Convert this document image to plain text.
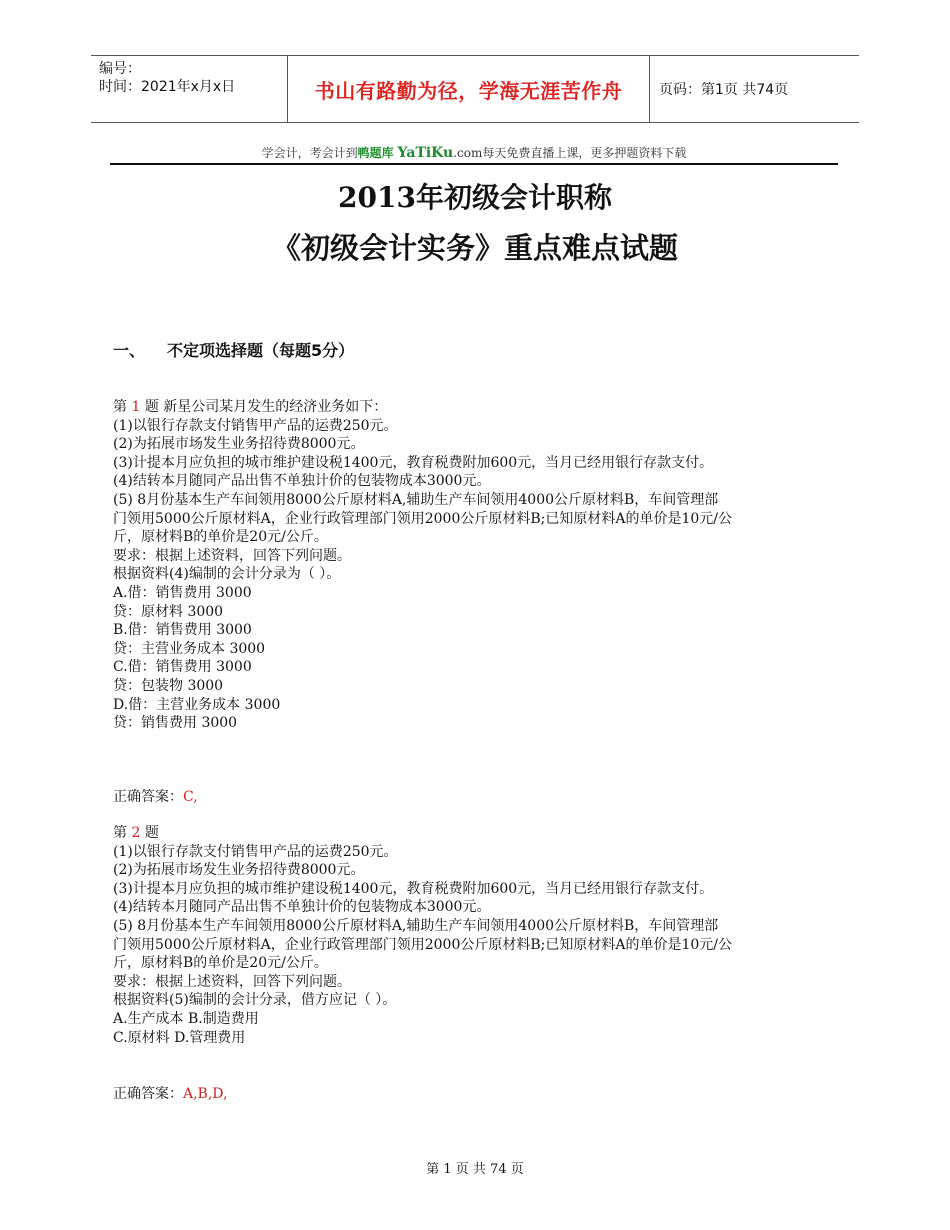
编号：
时间：2021年x月x日	书山有路勤为径，学海无涯苦作舟	页码：第1页 共74页
学会计，考会计到鸭题库 YaTiKu.com每天免费直播上课，更多押题资料下载
2013年初级会计职称
《初级会计实务》重点难点试题
一、 不定项选择题（每题5分）

第 1 题 新星公司某月发生的经济业务如下：

(1)以银行存款支付销售甲产品的运费250元。

(2)为拓展市场发生业务招待费8000元。

(3)计提本月应负担的城市维护建设税1400元，教育税费附加600元，当月已经用银行存款支付。

(4)结转本月随同产品出售不单独计价的包装物成本3000元。

(5) 8月份基本生产车间领用8000公斤原材料A,辅助生产车间领用4000公斤原材料B，车间管理部

门领用5000公斤原材料A，企业行政管理部门领用2000公斤原材料B;已知原材料A的单价是10元/公

斤，原材料B的单价是20元/公斤。

要求：根据上述资料，回答下列问题。

根据资料(4)编制的会计分录为（ ）。

A.借：销售费用 3000

贷：原材料 3000

B.借：销售费用 3000

贷：主营业务成本 3000

C.借：销售费用 3000

贷：包装物 3000

D.借：主营业务成本 3000

贷：销售费用 3000

正确答案：C,

第 2 题

(1)以银行存款支付销售甲产品的运费250元。

(2)为拓展市场发生业务招待费8000元。

(3)计提本月应负担的城市维护建设税1400元，教育税费附加600元，当月已经用银行存款支付。

(4)结转本月随同产品出售不单独计价的包装物成本3000元。

(5) 8月份基本生产车间领用8000公斤原材料A,辅助生产车间领用4000公斤原材料B，车间管理部

门领用5000公斤原材料A，企业行政管理部门领用2000公斤原材料B;已知原材料A的单价是10元/公

斤，原材料B的单价是20元/公斤。

要求：根据上述资料，回答下列问题。

根据资料(5)编制的会计分录，借方应记（ ）。

A.生产成本 B.制造费用

C.原材料 D.管理费用

正确答案：A,B,D,

第 1 页 共 74 页
